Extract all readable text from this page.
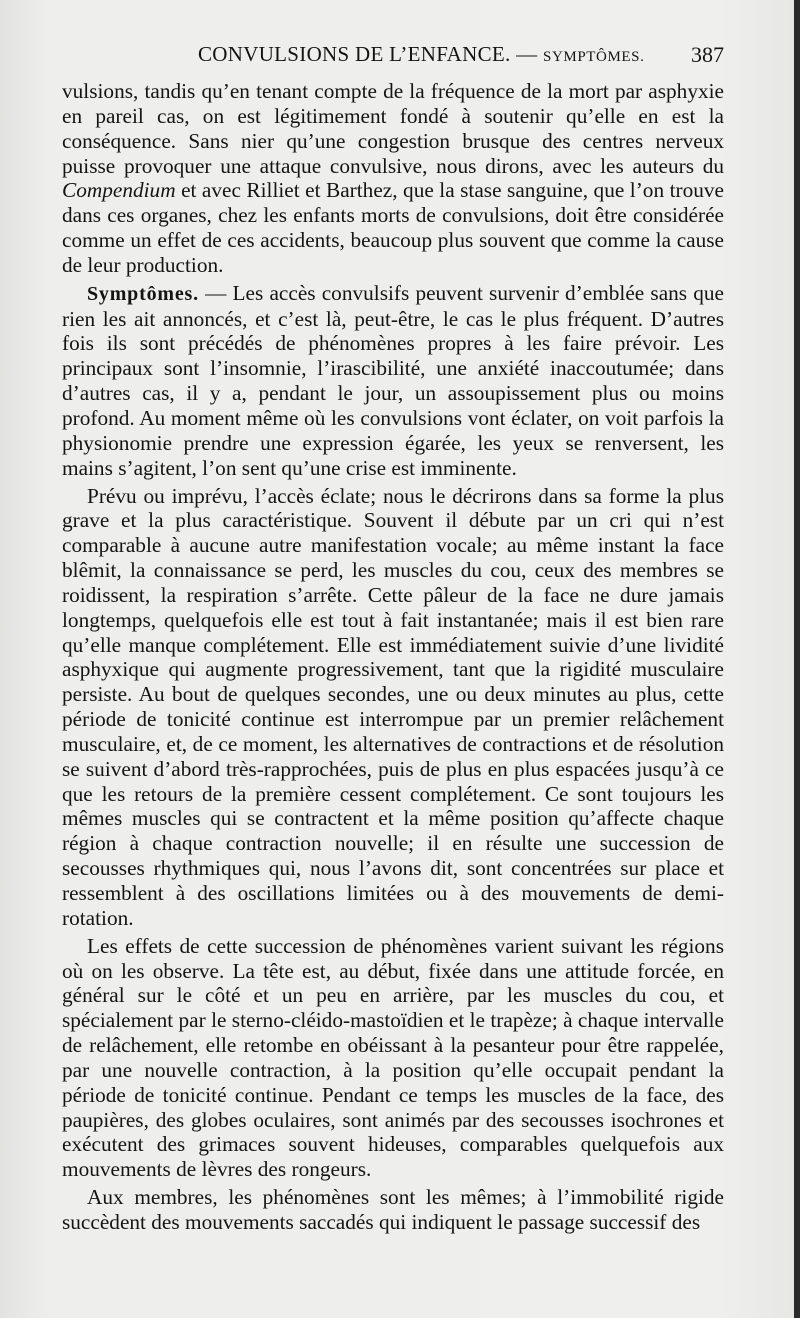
CONVULSIONS DE L’ENFANCE. — SYMPTÔMES. 387

vulsions, tandis qu’en tenant compte de la fréquence de la mort par asphyxie en pareil cas, on est légitimement fondé à soutenir qu’elle en est la conséquence. Sans nier qu’une congestion brusque des centres nerveux puisse provoquer une attaque convulsive, nous dirons, avec les auteurs du Compendium et avec Rilliet et Barthez, que la stase sanguine, que l’on trouve dans ces organes, chez les enfants morts de convulsions, doit être considérée comme un effet de ces accidents, beaucoup plus souvent que comme la cause de leur production.

Symptômes. — Les accès convulsifs peuvent survenir d’emblée sans que rien les ait annoncés, et c’est là, peut-être, le cas le plus fréquent. D’autres fois ils sont précédés de phénomènes propres à les faire prévoir. Les principaux sont l’insomnie, l’irascibilité, une anxiété inaccoutumée; dans d’autres cas, il y a, pendant le jour, un assoupissement plus ou moins profond. Au moment même où les convulsions vont éclater, on voit parfois la physionomie prendre une expression égarée, les yeux se renversent, les mains s’agitent, l’on sent qu’une crise est imminente.

Prévu ou imprévu, l’accès éclate; nous le décrirons dans sa forme la plus grave et la plus caractéristique. Souvent il débute par un cri qui n’est comparable à aucune autre manifestation vocale; au même instant la face blêmit, la connaissance se perd, les muscles du cou, ceux des membres se roidissent, la respiration s’arrête. Cette pâleur de la face ne dure jamais longtemps, quelquefois elle est tout à fait instantanée; mais il est bien rare qu’elle manque complétement. Elle est immédiatement suivie d’une lividité asphyxique qui augmente progressivement, tant que la rigidité musculaire persiste. Au bout de quelques secondes, une ou deux minutes au plus, cette période de tonicité continue est interrompue par un premier relâchement musculaire, et, de ce moment, les alternatives de contractions et de résolution se suivent d’abord très-rapprochées, puis de plus en plus espacées jusqu’à ce que les retours de la première cessent complétement. Ce sont toujours les mêmes muscles qui se contractent et la même position qu’affecte chaque région à chaque contraction nouvelle; il en résulte une succession de secousses rhythmiques qui, nous l’avons dit, sont concentrées sur place et ressemblent à des oscillations limitées ou à des mouvements de demi-rotation.

Les effets de cette succession de phénomènes varient suivant les régions où on les observe. La tête est, au début, fixée dans une attitude forcée, en général sur le côté et un peu en arrière, par les muscles du cou, et spécialement par le sterno-cléido-mastoïdien et le trapèze; à chaque intervalle de relâchement, elle retombe en obéissant à la pesanteur pour être rappelée, par une nouvelle contraction, à la position qu’elle occupait pendant la période de tonicité continue. Pendant ce temps les muscles de la face, des paupières, des globes oculaires, sont animés par des secousses isochrones et exécutent des grimaces souvent hideuses, comparables quelquefois aux mouvements de lèvres des rongeurs.

Aux membres, les phénomènes sont les mêmes; à l’immobilité rigide succèdent des mouvements saccadés qui indiquent le passage successif des
